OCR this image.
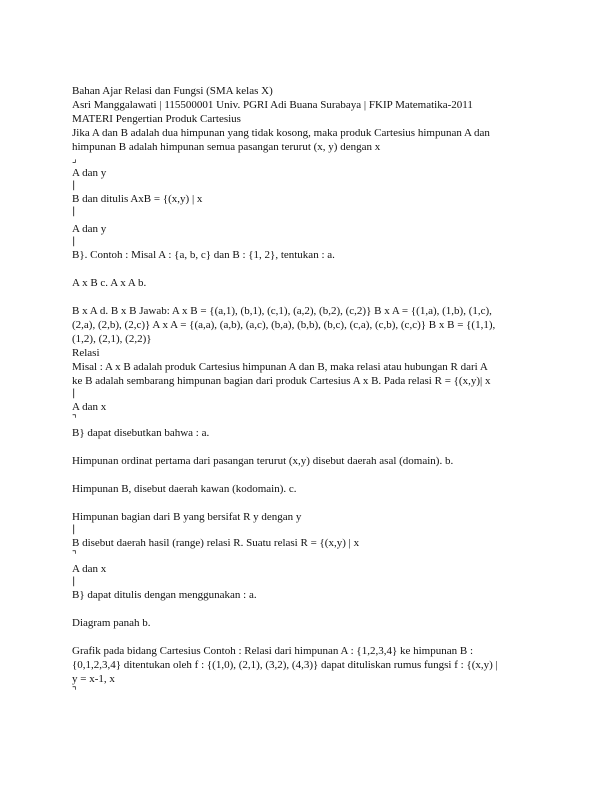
Bahan Ajar Relasi dan Fungsi (SMA kelas X)

Asri Manggalawati | 115500001 Univ. PGRI Adi Buana Surabaya | FKIP Matematika-2011

MATERI Pengertian Produk Cartesius

Jika A dan B adalah dua himpunan yang tidak kosong, maka produk Cartesius himpunan A dan

himpunan B adalah himpunan semua pasangan terurut (x, y) dengan x

⌟

A dan y

|

B dan ditulis AxB = {(x,y) | x

|

A dan y

|

B}. Contoh : Misal A : {a, b, c} dan B : {1, 2}, tentukan : a.

A x B c. A x A b.

B x A d. B x B Jawab: A x B = {(a,1), (b,1), (c,1), (a,2), (b,2), (c,2)} B x A = {(1,a), (1,b), (1,c),

(2,a), (2,b), (2,c)} A x A = {(a,a), (a,b), (a,c), (b,a), (b,b), (b,c), (c,a), (c,b), (c,c)} B x B = {(1,1),

(1,2), (2,1), (2,2)}

Relasi

Misal : A x B adalah produk Cartesius himpunan A dan B, maka relasi atau hubungan R dari A

ke B adalah sembarang himpunan bagian dari produk Cartesius A x B. Pada relasi R = {(x,y)| x

|

A dan x

⌝

B} dapat disebutkan bahwa : a.

Himpunan ordinat pertama dari pasangan terurut (x,y) disebut daerah asal (domain). b.

Himpunan B, disebut daerah kawan (kodomain). c.

Himpunan bagian dari B yang bersifat R y dengan y

|

B disebut daerah hasil (range) relasi R. Suatu relasi R = {(x,y) | x

⌝

A dan x

|

B} dapat ditulis dengan menggunakan : a.

Diagram panah b.

Grafik pada bidang Cartesius Contoh : Relasi dari himpunan A : {1,2,3,4} ke himpunan B :

{0,1,2,3,4} ditentukan oleh f : {(1,0), (2,1), (3,2), (4,3)} dapat dituliskan rumus fungsi f : {(x,y) |

y = x-1, x

⌝
